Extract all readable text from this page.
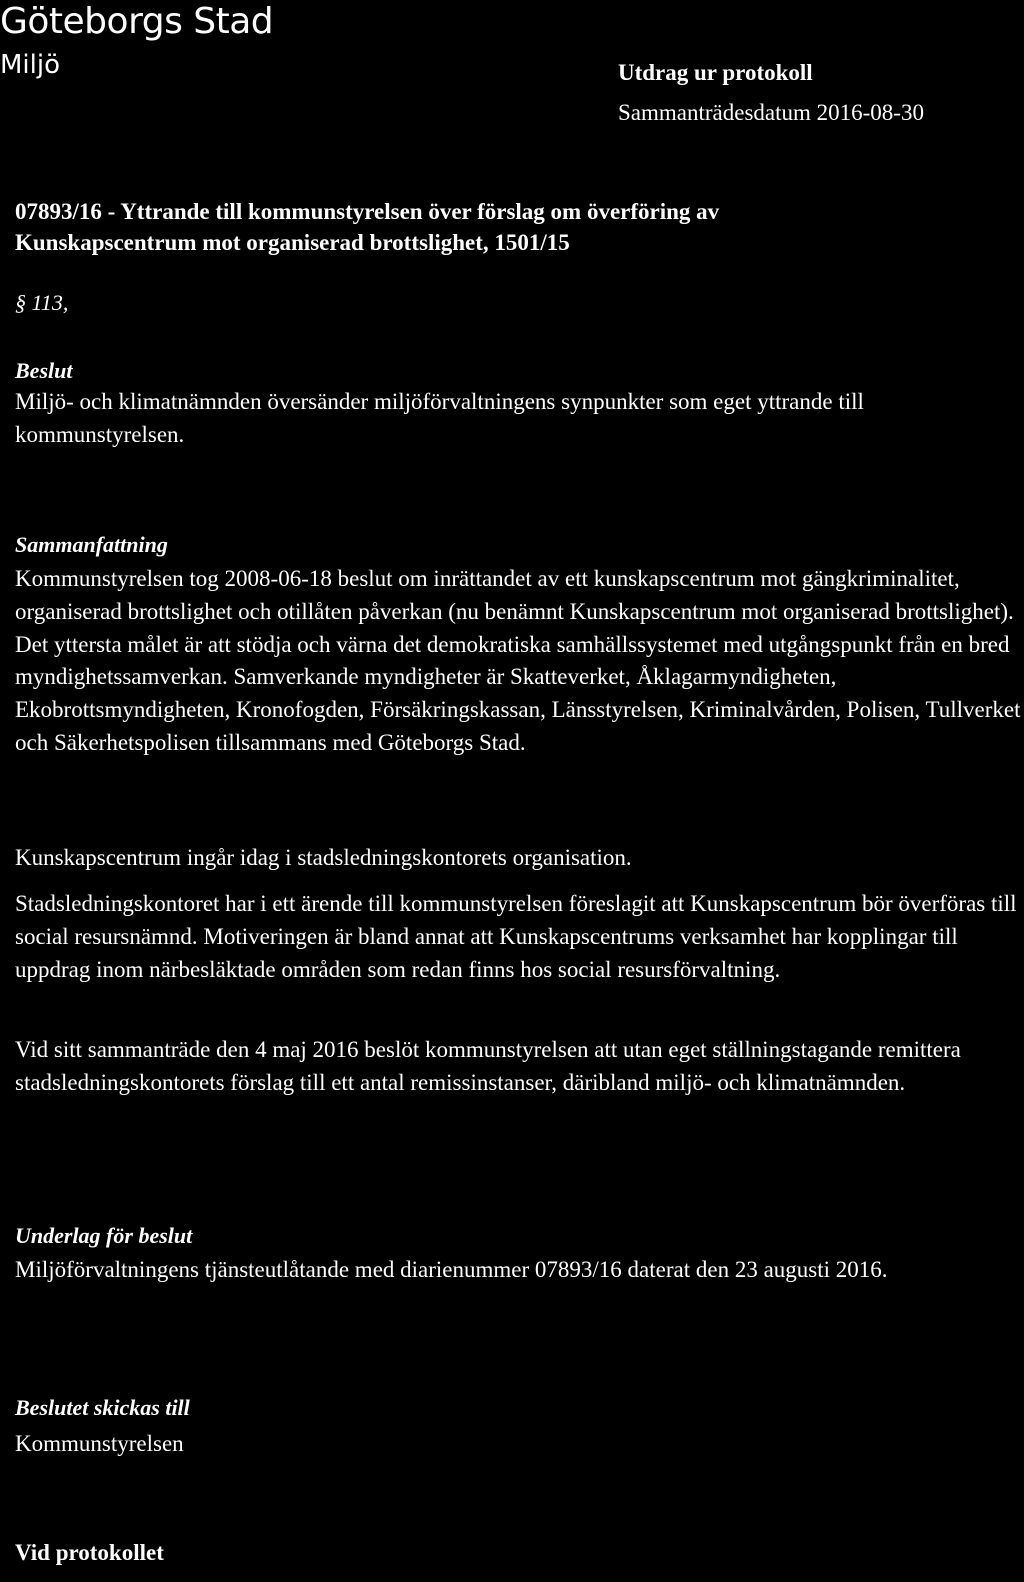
Göteborgs Stad
Miljö	Utdrag ur protokoll
Sammanträdesdatum 2016-08-30
07893/16 - Yttrande till kommunstyrelsen över förslag om överföring av
Kunskapscentrum mot organiserad brottslighet, 1501/15
§ 113,
Beslut

Miljö- och klimatnämnden översänder miljöförvaltningens synpunkter som eget yttrande till kommunstyrelsen.

Sammanfattning

Kommunstyrelsen tog 2008-06-18 beslut om inrättandet av ett kunskapscentrum mot gängkriminalitet, organiserad brottslighet och otillåten påverkan (nu benämnt Kunskapscentrum mot organiserad brottslighet). Det yttersta målet är att stödja och värna det demokratiska samhällssystemet med utgångspunkt från en bred myndighetssamverkan. Samverkande myndigheter är Skatteverket, Åklagarmyndigheten, Ekobrottsmyndigheten, Kronofogden, Försäkringskassan, Länsstyrelsen, Kriminalvården, Polisen, Tullverket och Säkerhetspolisen tillsammans med Göteborgs Stad.

Kunskapscentrum ingår idag i stadsledningskontorets organisation.

Stadsledningskontoret har i ett ärende till kommunstyrelsen föreslagit att Kunskapscentrum bör överföras till social resursnämnd. Motiveringen är bland annat att Kunskapscentrums verksamhet har kopplingar till uppdrag inom närbesläktade områden som redan finns hos social resursförvaltning.

Vid sitt sammanträde den 4 maj 2016 beslöt kommunstyrelsen att utan eget ställningstagande remittera stadsledningskontorets förslag till ett antal remissinstanser, däribland miljö- och klimatnämnden.

Underlag för beslut

Miljöförvaltningens tjänsteutlåtande med diarienummer 07893/16 daterat den 23 augusti 2016.

Beslutet skickas till

Kommunstyrelsen

Vid protokollet
